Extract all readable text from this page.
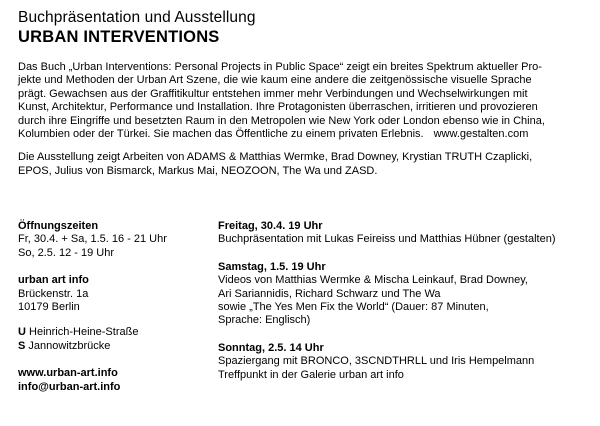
Buchpräsentation und Ausstellung
URBAN INTERVENTIONS
Das Buch „Urban Interventions: Personal Projects in Public Space“ zeigt ein breites Spektrum aktueller Pro-
jekte und Methoden der Urban Art Szene, die wie kaum eine andere die zeitgenössische visuelle Sprache
prägt. Gewachsen aus der Graffitikultur entstehen immer mehr Verbindungen und Wechselwirkungen mit
Kunst, Architektur, Performance und Installation. Ihre Protagonisten überraschen, irritieren und provozieren
durch ihre Eingriffe und besetzten Raum in den Metropolen wie New York oder London ebenso wie in China,
Kolumbien oder der Türkei. Sie machen das Öffentliche zu einem privaten Erlebnis. www.gestalten.com
Die Ausstellung zeigt Arbeiten von ADAMS & Matthias Wermke, Brad Downey, Krystian TRUTH Czaplicki,
EPOS, Julius von Bismarck, Markus Mai, NEOZOON, The Wa und ZASD.
Öffnungszeiten
Fr, 30.4. + Sa, 1.5. 16 - 21 Uhr
So, 2.5. 12 - 19 Uhr
urban art info
Brückenstr. 1a
10179 Berlin
U Heinrich-Heine-Straße
S Jannowitzbrücke
www.urban-art.info
info@urban-art.info
Freitag, 30.4. 19 Uhr
Buchpräsentation mit Lukas Feireiss und Matthias Hübner (gestalten)
Samstag, 1.5. 19 Uhr
Videos von Matthias Wermke & Mischa Leinkauf, Brad Downey,
Ari Sariannidis, Richard Schwarz und The Wa
sowie „The Yes Men Fix the World“ (Dauer: 87 Minuten,
Sprache: Englisch)
Sonntag, 2.5. 14 Uhr
Spaziergang mit BRONCO, 3SCNDTHRLL und Iris Hempelmann
Treffpunkt in der Galerie urban art info
